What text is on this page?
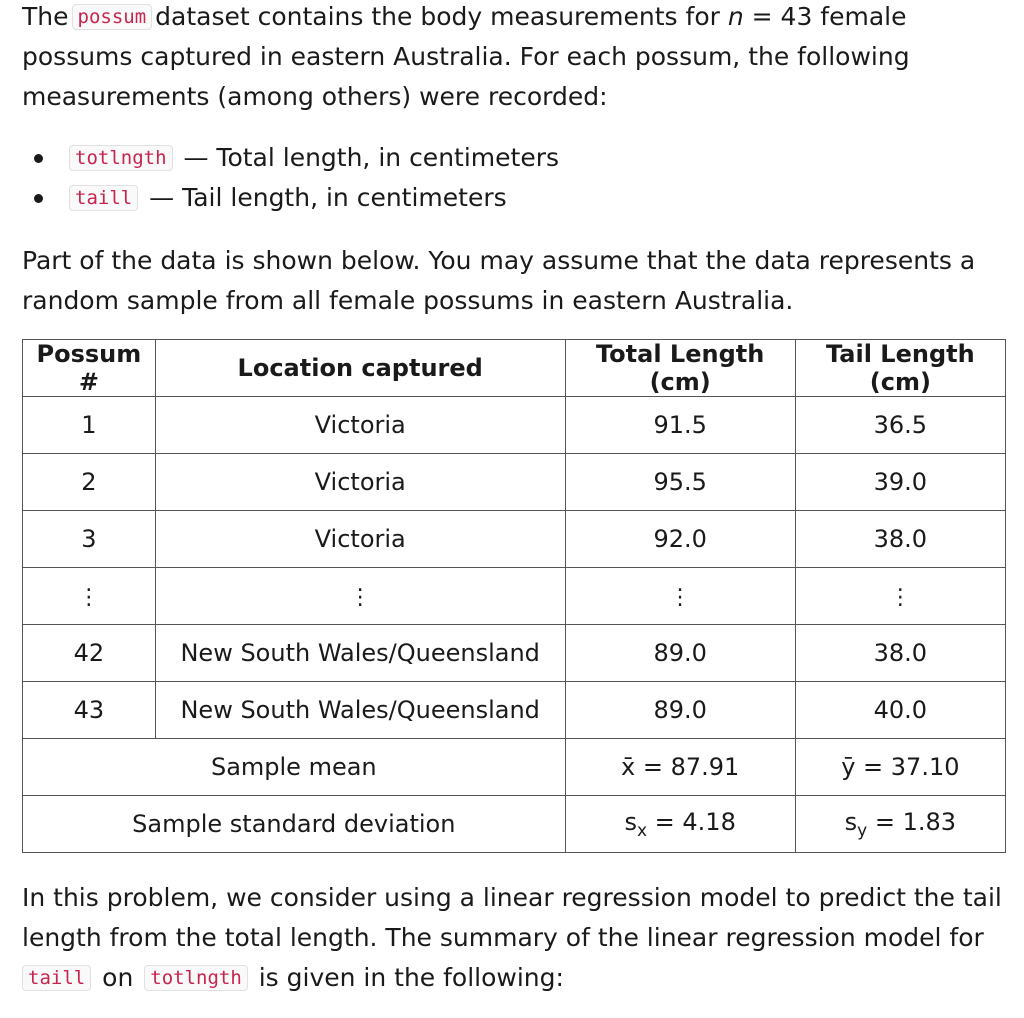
The possum dataset contains the body measurements for n = 43 female possums captured in eastern Australia. For each possum, the following measurements (among others) were recorded:

totlngth — Total length, in centimeters
taill — Tail length, in centimeters

Part of the data is shown below. You may assume that the data represents a random sample from all female possums in eastern Australia.

Possum #	Location captured	Total Length (cm)	Tail Length (cm)
1	Victoria	91.5	36.5
2	Victoria	95.5	39.0
3	Victoria	92.0	38.0
⋮	⋮	⋮	⋮
42	New South Wales/Queensland	89.0	38.0
43	New South Wales/Queensland	89.0	40.0
Sample mean		x̄ = 87.91	ȳ = 37.10
Sample standard deviation		$s_x = 4.18$	$s_y = 1.83$

In this problem, we consider using a linear regression model to predict the tail length from the total length. The summary of the linear regression model for
taill on totlngth is given in the following:
